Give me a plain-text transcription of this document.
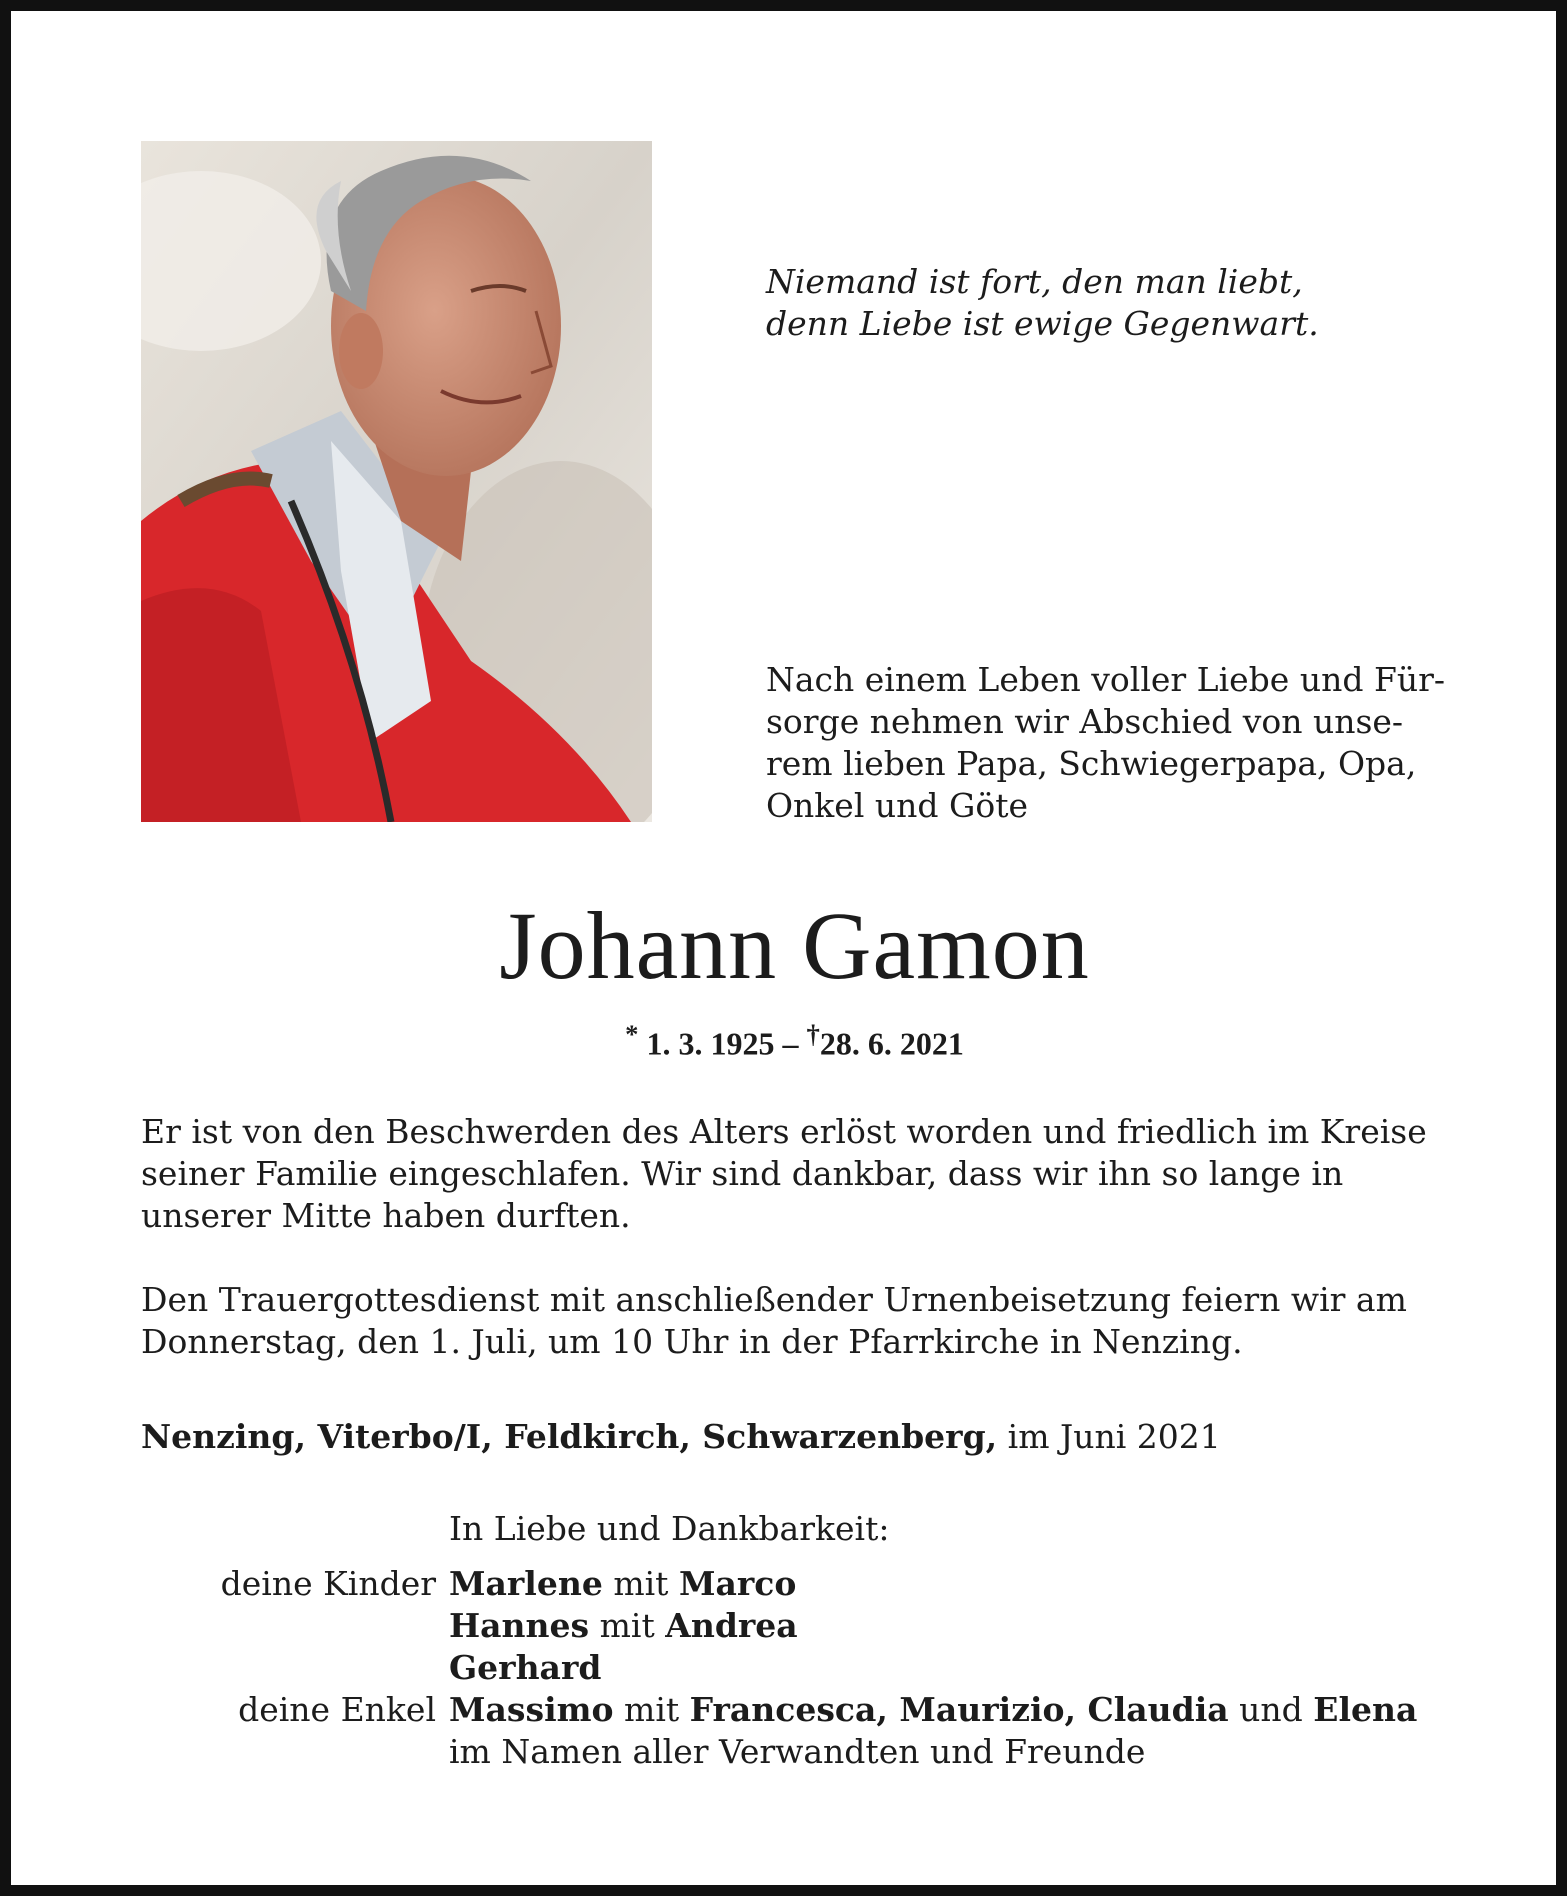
Niemand ist fort, den man liebt,
denn Liebe ist ewige Gegenwart.
Nach einem Leben voller Liebe und Für-
sorge nehmen wir Abschied von unse-
rem lieben Papa, Schwiegerpapa, Opa,
Onkel und Göte
Johann Gamon
* 1. 3. 1925 – †28. 6. 2021
Er ist von den Beschwerden des Alters erlöst worden und friedlich im Kreise
seiner Familie eingeschlafen. Wir sind dankbar, dass wir ihn so lange in
unserer Mitte haben durften.
Den Trauergottesdienst mit anschließender Urnenbeisetzung feiern wir am
Donnerstag, den 1. Juli, um 10 Uhr in der Pfarrkirche in Nenzing.
Nenzing, Viterbo/I, Feldkirch, Schwarzenberg, im Juni 2021
In Liebe und Dankbarkeit:
deine Kinder Marlene mit Marco
Hannes mit Andrea
Gerhard
deine Enkel Massimo mit Francesca, Maurizio, Claudia und Elena
im Namen aller Verwandten und Freunde
